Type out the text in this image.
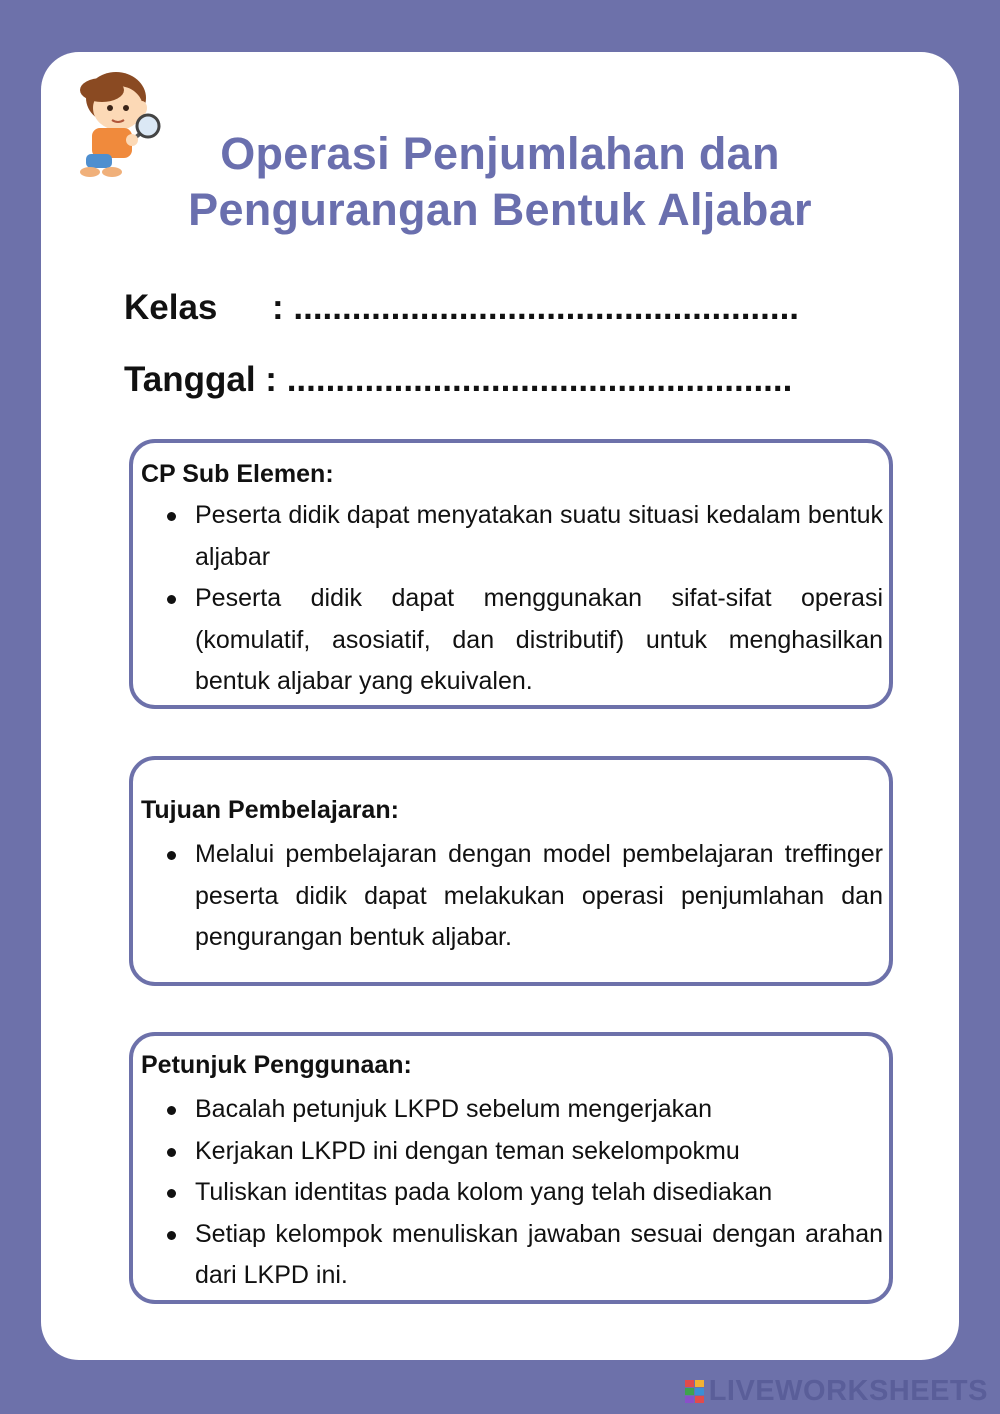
Operasi Penjumlahan dan Pengurangan Bentuk Aljabar
Kelas : ....................................................
Tanggal : ....................................................
CP Sub Elemen:
Peserta didik dapat menyatakan suatu situasi kedalam bentuk aljabar
Peserta didik dapat menggunakan sifat-sifat operasi (komulatif, asosiatif, dan distributif) untuk menghasilkan bentuk aljabar yang ekuivalen.
Tujuan Pembelajaran:
Melalui pembelajaran dengan model pembelajaran treffinger peserta didik dapat melakukan operasi penjumlahan dan pengurangan bentuk aljabar.
Petunjuk Penggunaan:
Bacalah petunjuk LKPD sebelum mengerjakan
Kerjakan LKPD ini dengan teman sekelompokmu
Tuliskan identitas pada kolom yang telah disediakan
Setiap kelompok menuliskan jawaban sesuai dengan arahan dari LKPD ini.
LIVEWORKSHEETS
